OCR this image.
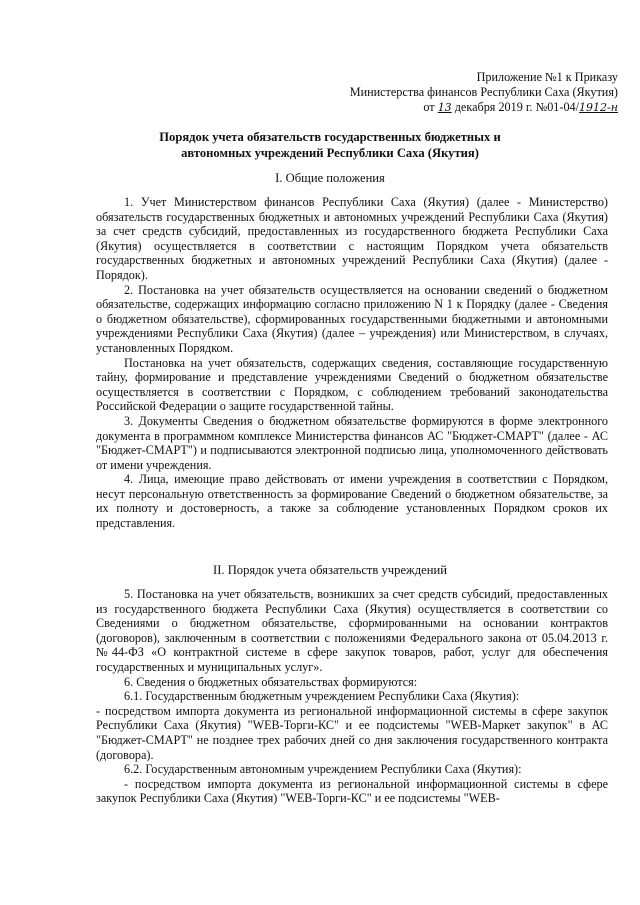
Приложение №1 к Приказу
Министерства финансов Республики Саха (Якутия)
от 13 декабря 2019 г. №01-04/1912-н
Порядок учета обязательств государственных бюджетных и
автономных учреждений Республики Саха (Якутия)
I. Общие положения

1. Учет Министерством финансов Республики Саха (Якутия) (далее - Министерство) обязательств государственных бюджетных и автономных учреждений Республики Саха (Якутия) за счет средств субсидий, предоставленных из государственного бюджета Республики Саха (Якутия) осуществляется в соответствии с настоящим Порядком учета обязательств государственных бюджетных и автономных учреждений Республики Саха (Якутия) (далее - Порядок).

2. Постановка на учет обязательств осуществляется на основании сведений о бюджетном обязательстве, содержащих информацию согласно приложению N 1 к Порядку (далее - Сведения о бюджетном обязательстве), сформированных государственными бюджетными и автономными учреждениями Республики Саха (Якутия) (далее – учреждения) или Министерством, в случаях, установленных Порядком.

Постановка на учет обязательств, содержащих сведения, составляющие государственную тайну, формирование и представление учреждениями Сведений о бюджетном обязательстве осуществляется в соответствии с Порядком, с соблюдением требований законодательства Российской Федерации о защите государственной тайны.

3. Документы Сведения о бюджетном обязательстве формируются в форме электронного документа в программном комплексе Министерства финансов АС "Бюджет-СМАРТ" (далее - АС "Бюджет-СМАРТ") и подписываются электронной подписью лица, уполномоченного действовать от имени учреждения.

4. Лица, имеющие право действовать от имени учреждения в соответствии с Порядком, несут персональную ответственность за формирование Сведений о бюджетном обязательстве, за их полноту и достоверность, а также за соблюдение установленных Порядком сроков их представления.

II. Порядок учета обязательств учреждений

5. Постановка на учет обязательств, возникших за счет средств субсидий, предоставленных из государственного бюджета Республики Саха (Якутия) осуществляется в соответствии со Сведениями о бюджетном обязательстве, сформированными на основании контрактов (договоров), заключенным в соответствии с положениями Федерального закона от 05.04.2013 г. №44-ФЗ «О контрактной системе в сфере закупок товаров, работ, услуг для обеспечения государственных и муниципальных услуг».

6. Сведения о бюджетных обязательствах формируются:

6.1. Государственным бюджетным учреждением Республики Саха (Якутия):

- посредством импорта документа из региональной информационной системы в сфере закупок Республики Саха (Якутия) "WEB-Торги-КС" и ее подсистемы "WEB-Маркет закупок" в АС "Бюджет-СМАРТ" не позднее трех рабочих дней со дня заключения государственного контракта (договора).

6.2. Государственным автономным учреждением Республики Саха (Якутия):

- посредством импорта документа из региональной информационной системы в сфере закупок Республики Саха (Якутия) "WEB-Торги-КС" и ее подсистемы "WEB-
